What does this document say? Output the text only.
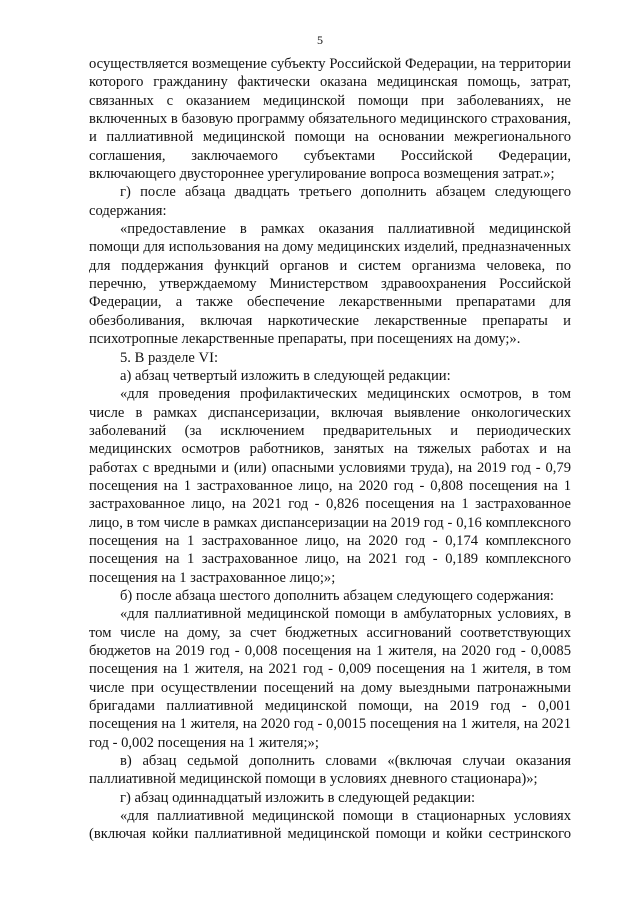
5

осуществляется возмещение субъекту Российской Федерации, на территории которого гражданину фактически оказана медицинская помощь, затрат, связанных с оказанием медицинской помощи при заболеваниях, не включенных в базовую программу обязательного медицинского страхования, и паллиативной медицинской помощи на основании межрегионального соглашения, заключаемого субъектами Российской Федерации, включающего двустороннее урегулирование вопроса возмещения затрат.»;

г) после абзаца двадцать третьего дополнить абзацем следующего содержания:

«предоставление в рамках оказания паллиативной медицинской помощи для использования на дому медицинских изделий, предназначенных для поддержания функций органов и систем организма человека, по перечню, утверждаемому Министерством здравоохранения Российской Федерации, а также обеспечение лекарственными препаратами для обезболивания, включая наркотические лекарственные препараты и психотропные лекарственные препараты, при посещениях на дому;».

5. В разделе VI:

а) абзац четвертый изложить в следующей редакции:

«для проведения профилактических медицинских осмотров, в том числе в рамках диспансеризации, включая выявление онкологических заболеваний (за исключением предварительных и периодических медицинских осмотров работников, занятых на тяжелых работах и на работах с вредными и (или) опасными условиями труда), на 2019 год - 0,79 посещения на 1 застрахованное лицо, на 2020 год - 0,808 посещения на 1 застрахованное лицо, на 2021 год - 0,826 посещения на 1 застрахованное лицо, в том числе в рамках диспансеризации на 2019 год - 0,16 комплексного посещения на 1 застрахованное лицо, на 2020 год - 0,174 комплексного посещения на 1 застрахованное лицо, на 2021 год - 0,189 комплексного посещения на 1 застрахованное лицо;»;

б) после абзаца шестого дополнить абзацем следующего содержания:

«для паллиативной медицинской помощи в амбулаторных условиях, в том числе на дому, за счет бюджетных ассигнований соответствующих бюджетов на 2019 год - 0,008 посещения на 1 жителя, на 2020 год - 0,0085 посещения на 1 жителя, на 2021 год - 0,009 посещения на 1 жителя, в том числе при осуществлении посещений на дому выездными патронажными бригадами паллиативной медицинской помощи, на 2019 год - 0,001 посещения на 1 жителя, на 2020 год - 0,0015 посещения на 1 жителя, на 2021 год - 0,002 посещения на 1 жителя;»;

в) абзац седьмой дополнить словами «(включая случаи оказания паллиативной медицинской помощи в условиях дневного стационара)»;

г) абзац одиннадцатый изложить в следующей редакции:

«для паллиативной медицинской помощи в стационарных условиях (включая койки паллиативной медицинской помощи и койки сестринского
